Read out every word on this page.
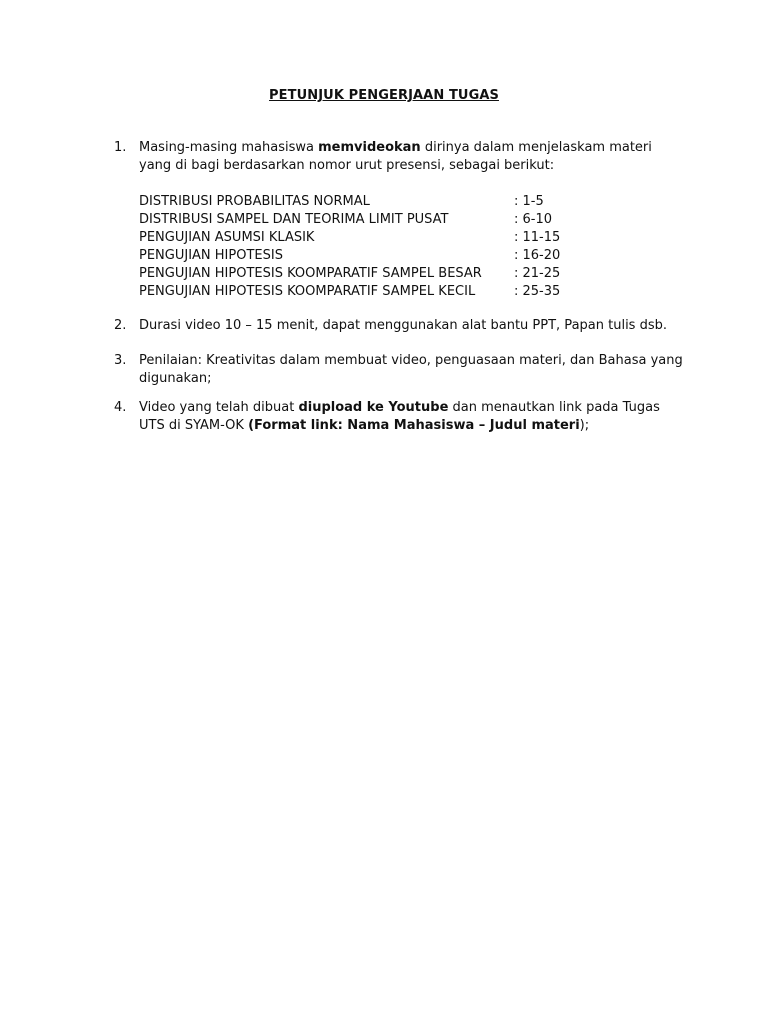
PETUNJUK PENGERJAAN TUGAS
1. Masing-masing mahasiswa memvideokan dirinya dalam menjelaskam materi yang di bagi berdasarkan nomor urut presensi, sebagai berikut:
DISTRIBUSI PROBABILITAS NORMAL	: 1-5
DISTRIBUSI SAMPEL DAN TEORIMA LIMIT PUSAT	: 6-10
PENGUJIAN ASUMSI KLASIK	: 11-15
PENGUJIAN HIPOTESIS	: 16-20
PENGUJIAN HIPOTESIS KOOMPARATIF SAMPEL BESAR : 21-25
PENGUJIAN HIPOTESIS KOOMPARATIF SAMPEL KECIL	: 25-35
2. Durasi video 10 – 15 menit, dapat menggunakan alat bantu PPT, Papan tulis dsb.
3. Penilaian: Kreativitas dalam membuat video, penguasaan materi, dan Bahasa yang digunakan;
4. Video yang telah dibuat diupload ke Youtube dan menautkan link pada Tugas UTS di SYAM-OK (Format link: Nama Mahasiswa – Judul materi);
